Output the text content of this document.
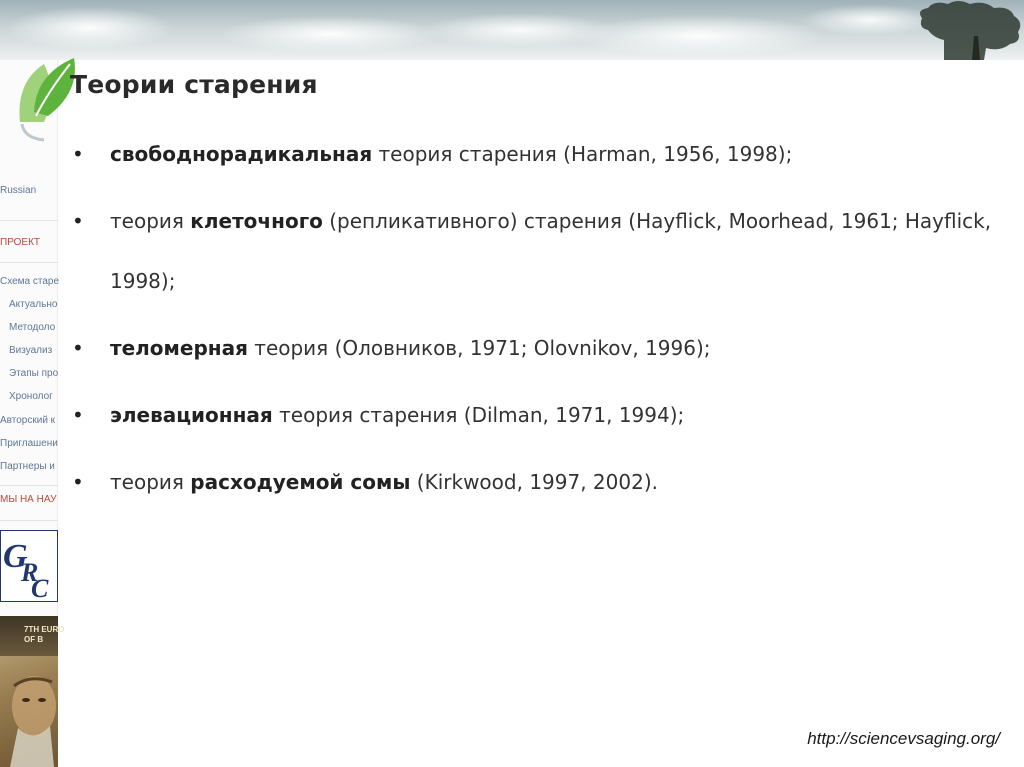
Russian
ПРОЕКТ
Схема старе
Актуально
Методоло
Визуализ
Этапы про
Хронолог
Авторский к
Приглашени
Партнеры и
МЫ НА НАУ
G
R
C
7TH EURO
OF B
Теории старения
• свободнорадикальная теория старения (Harman, 1956, 1998);
• теория клеточного (репликативного) старения (Hayflick, Moorhead, 1961; Hayflick, 1998);
• теломерная теория (Оловников, 1971; Olovnikov, 1996);
• элевационная теория старения (Dilman, 1971, 1994);
• теория расходуемой сомы (Kirkwood, 1997, 2002).
http://sciencevsaging.org/
